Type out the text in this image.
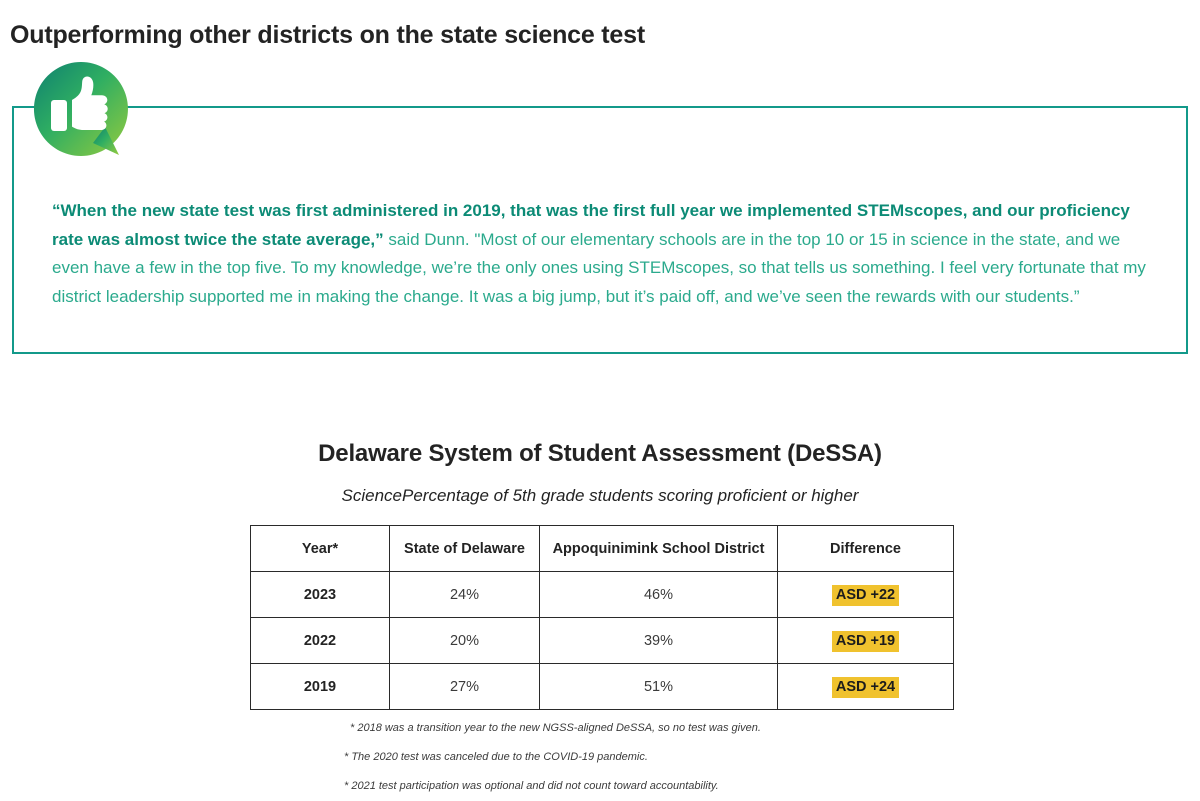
Outperforming other districts on the state science test

“When the new state test was first administered in 2019, that was the first full year we implemented STEMscopes, and our proficiency rate was almost twice the state average,” said Dunn. "Most of our elementary schools are in the top 10 or 15 in science in the state, and we even have a few in the top five. To my knowledge, we’re the only ones using STEMscopes, so that tells us something. I feel very fortunate that my district leadership supported me in making the change. It was a big jump, but it’s paid off, and we’ve seen the rewards with our students.”

Delaware System of Student Assessment (DeSSA)

SciencePercentage of 5th grade students scoring proficient or higher

Year*	State of Delaware	Appoquinimink School District	Difference
2023	24%	46%	ASD +22
2022	20%	39%	ASD +19
2019	27%	51%	ASD +24
* 2018 was a transition year to the new NGSS-aligned DeSSA, so no test was given.
* The 2020 test was canceled due to the COVID-19 pandemic.
* 2021 test participation was optional and did not count toward accountability.
